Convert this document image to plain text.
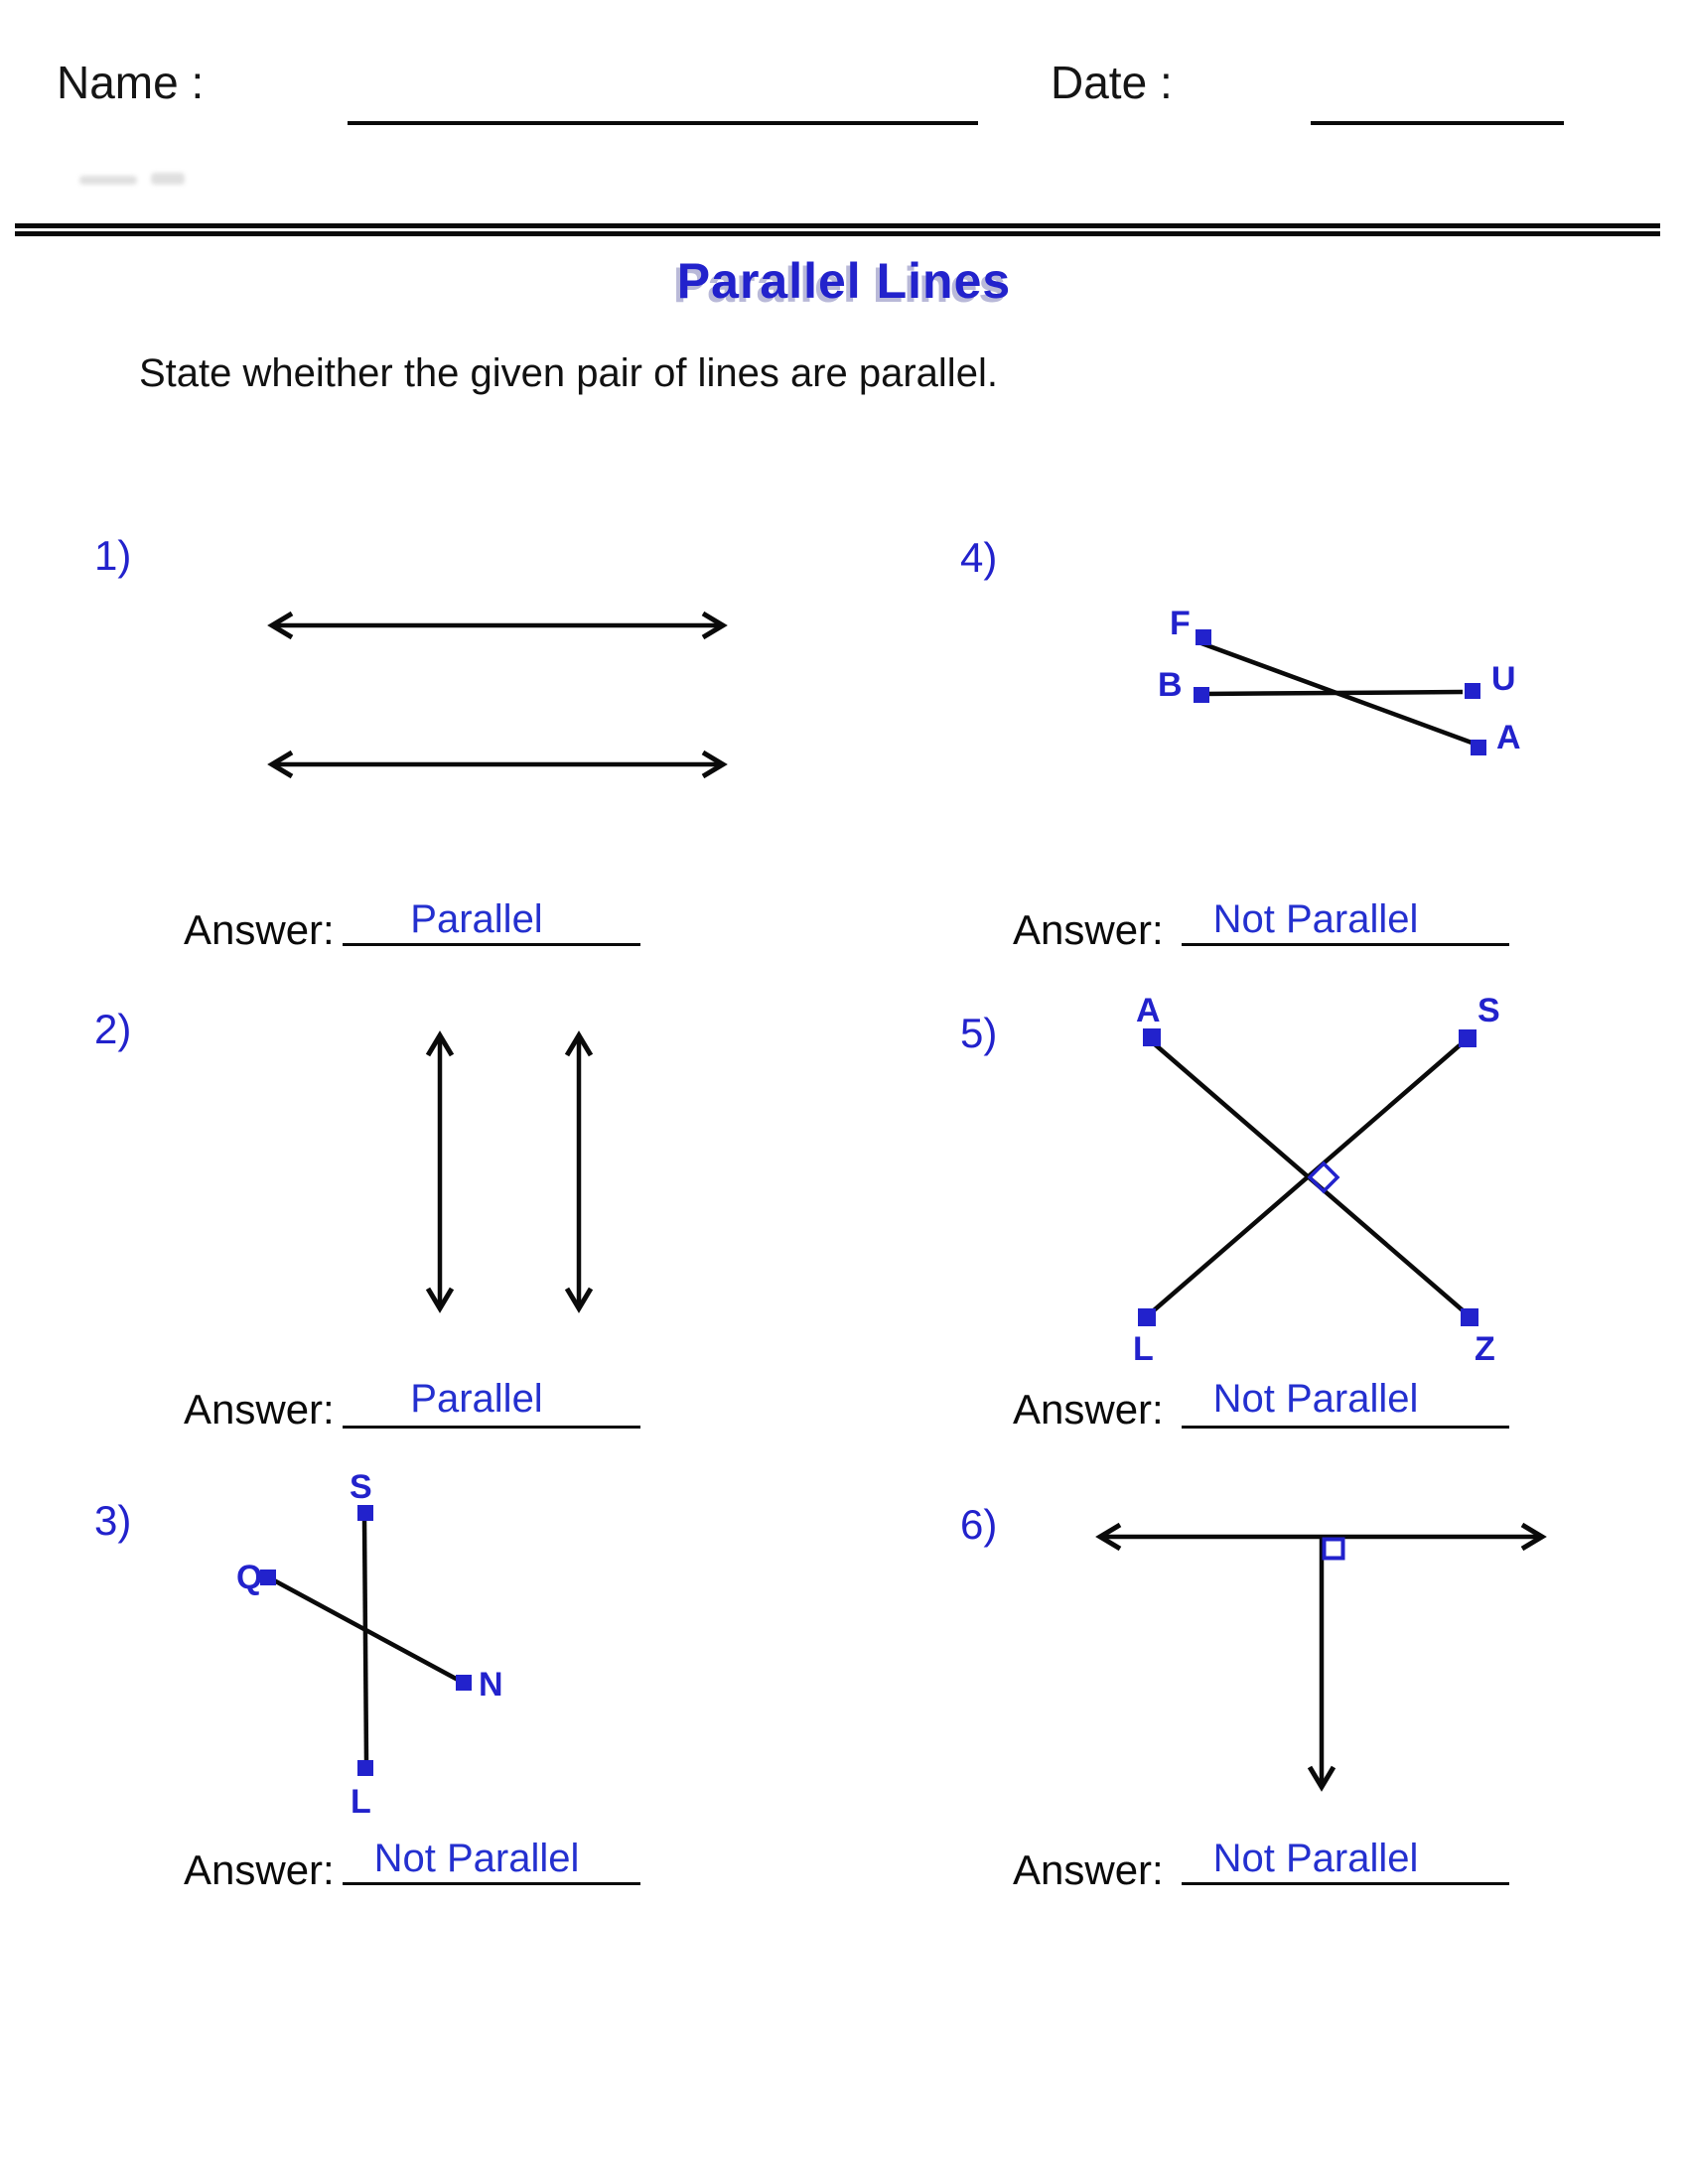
Name :	Date :
Parallel Lines
State wheither the given pair of lines are parallel.
1)
2)
3)
4)
5)
6)
S
Q
N
L
F
B	U
A
A	S
L	Z
Answer:	Parallel	Answer:	Not Parallel
Answer:	Parallel	Answer:	Not Parallel
Answer: Not Parallel	Answer:	Not Parallel
